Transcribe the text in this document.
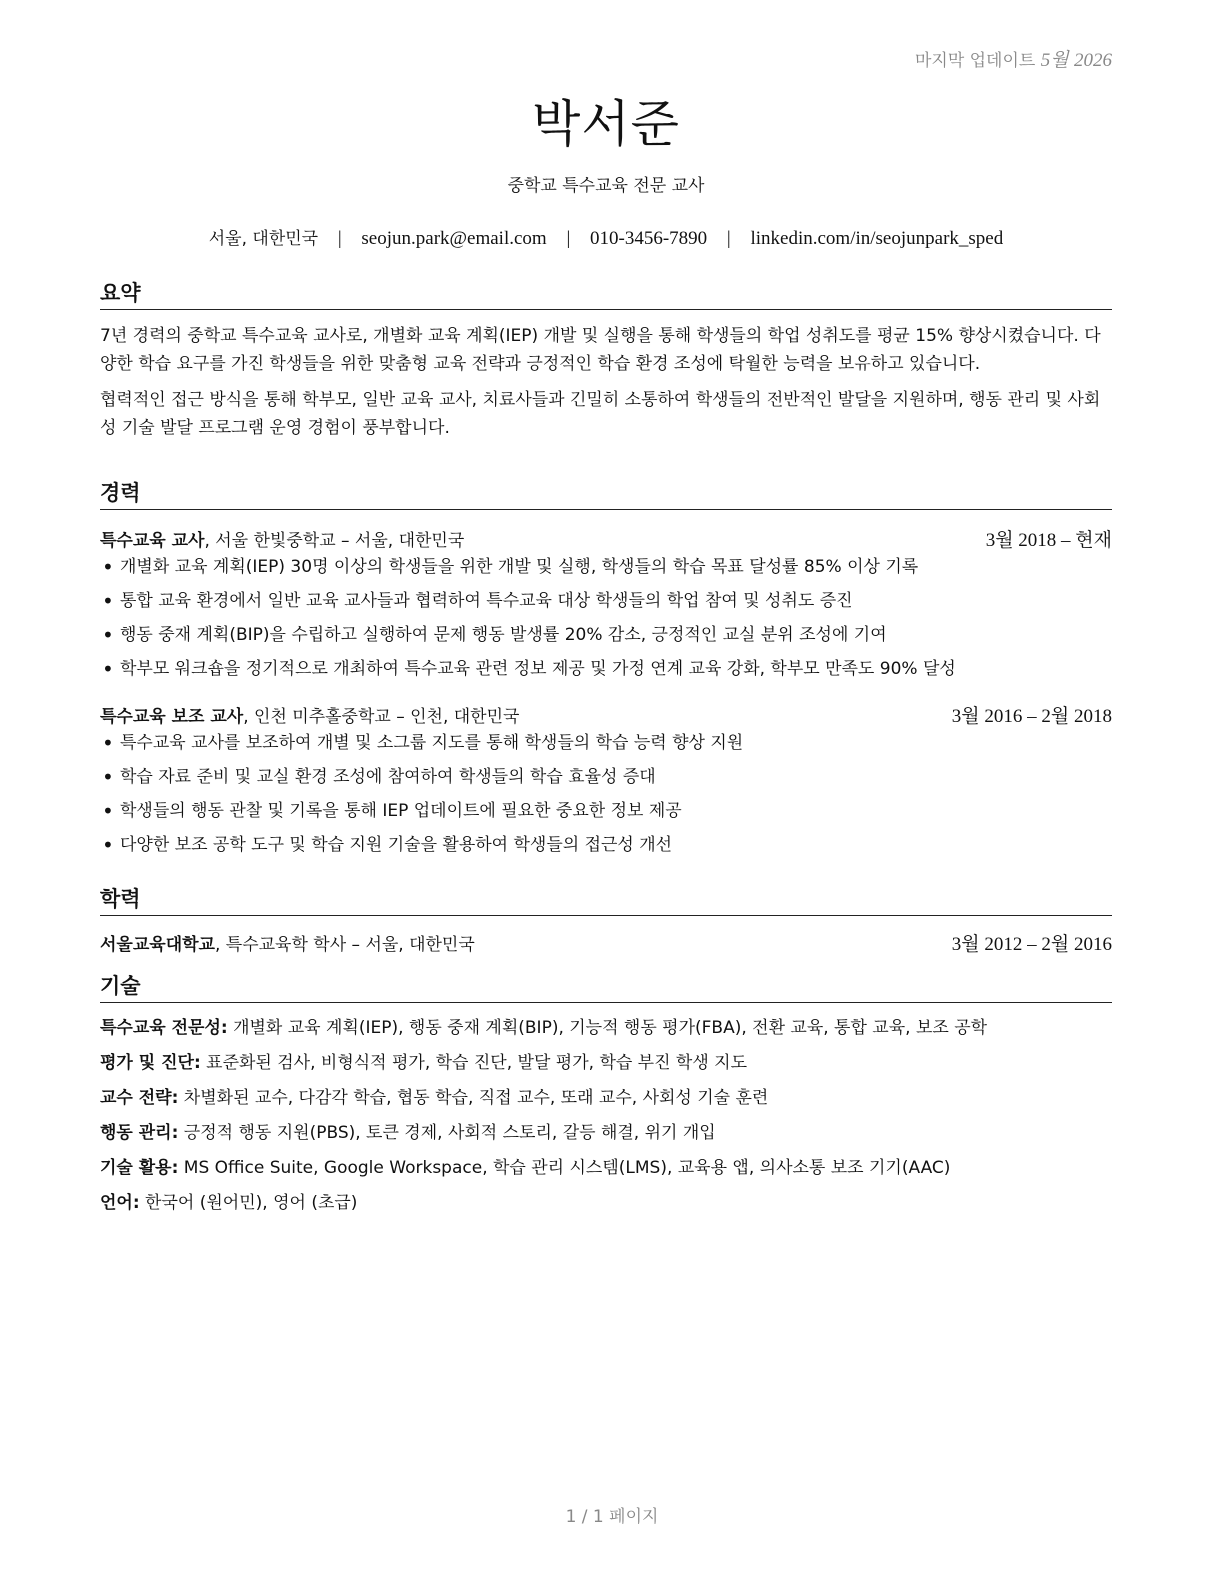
마지막 업데이트 5월 2026
박서준
중학교 특수교육 전문 교사
서울, 대한민국 | seojun.park@email.com | 010-3456-7890 | linkedin.com/in/seojunpark_sped
요약

7년 경력의 중학교 특수교육 교사로, 개별화 교육 계획(IEP) 개발 및 실행을 통해 학생들의 학업 성취도를 평균 15% 향상시켰습니다. 다양한 학습 요구를 가진 학생들을 위한 맞춤형 교육 전략과 긍정적인 학습 환경 조성에 탁월한 능력을 보유하고 있습니다.

협력적인 접근 방식을 통해 학부모, 일반 교육 교사, 치료사들과 긴밀히 소통하여 학생들의 전반적인 발달을 지원하며, 행동 관리 및 사회성 기술 발달 프로그램 운영 경험이 풍부합니다.

경력
특수교육 교사, 서울 한빛중학교 – 서울, 대한민국	3월 2018 – 현재
• 개별화 교육 계획(IEP) 30명 이상의 학생들을 위한 개발 및 실행, 학생들의 학습 목표 달성률 85% 이상 기록
• 통합 교육 환경에서 일반 교육 교사들과 협력하여 특수교육 대상 학생들의 학업 참여 및 성취도 증진
• 행동 중재 계획(BIP)을 수립하고 실행하여 문제 행동 발생률 20% 감소, 긍정적인 교실 분위 조성에 기여
• 학부모 워크숍을 정기적으로 개최하여 특수교육 관련 정보 제공 및 가정 연계 교육 강화, 학부모 만족도 90% 달성
특수교육 보조 교사, 인천 미추홀중학교 – 인천, 대한민국	3월 2016 – 2월 2018
• 특수교육 교사를 보조하여 개별 및 소그룹 지도를 통해 학생들의 학습 능력 향상 지원
• 학습 자료 준비 및 교실 환경 조성에 참여하여 학생들의 학습 효율성 증대
• 학생들의 행동 관찰 및 기록을 통해 IEP 업데이트에 필요한 중요한 정보 제공
• 다양한 보조 공학 도구 및 학습 지원 기술을 활용하여 학생들의 접근성 개선
학력
서울교육대학교, 특수교육학 학사 – 서울, 대한민국	3월 2012 – 2월 2016
기술
특수교육 전문성: 개별화 교육 계획(IEP), 행동 중재 계획(BIP), 기능적 행동 평가(FBA), 전환 교육, 통합 교육, 보조 공학
평가 및 진단: 표준화된 검사, 비형식적 평가, 학습 진단, 발달 평가, 학습 부진 학생 지도
교수 전략: 차별화된 교수, 다감각 학습, 협동 학습, 직접 교수, 또래 교수, 사회성 기술 훈련
행동 관리: 긍정적 행동 지원(PBS), 토큰 경제, 사회적 스토리, 갈등 해결, 위기 개입
기술 활용: MS Office Suite, Google Workspace, 학습 관리 시스템(LMS), 교육용 앱, 의사소통 보조 기기(AAC)
언어: 한국어 (원어민), 영어 (초급)
1 / 1 페이지
